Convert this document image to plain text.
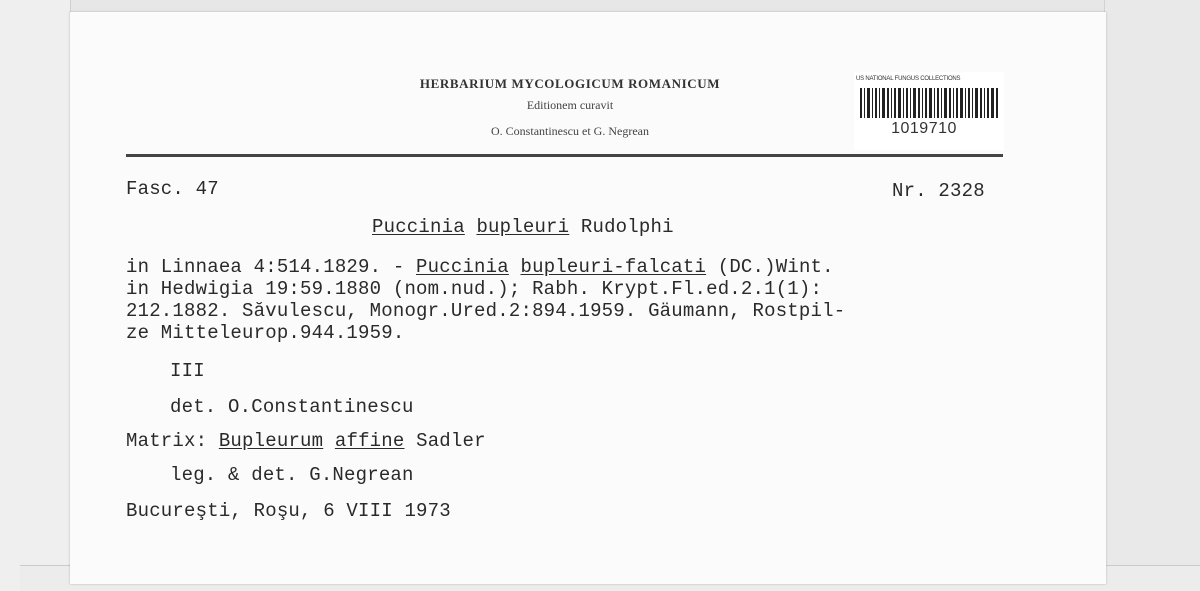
HERBARIUM MYCOLOGICUM ROMANICUM
Editionem curavit
O. Constantinescu et G. Negrean
US NATIONAL FUNGUS COLLECTIONS
1019710
Fasc. 47	Nr. 2328
Puccinia bupleuri Rudolphi
in Linnaea 4:514.1829. - Puccinia bupleuri-falcati (DC.)Wint.
in Hedwigia 19:59.1880 (nom.nud.); Rabh. Krypt.Fl.ed.2.1(1):
212.1882. Săvulescu, Monogr.Ured.2:894.1959. Gäumann, Rostpil-
ze Mitteleurop.944.1959.
III
det. O.Constantinescu
Matrix: Bupleurum affine Sadler
leg. & det. G.Negrean
Bucureşti, Roşu, 6 VIII 1973
